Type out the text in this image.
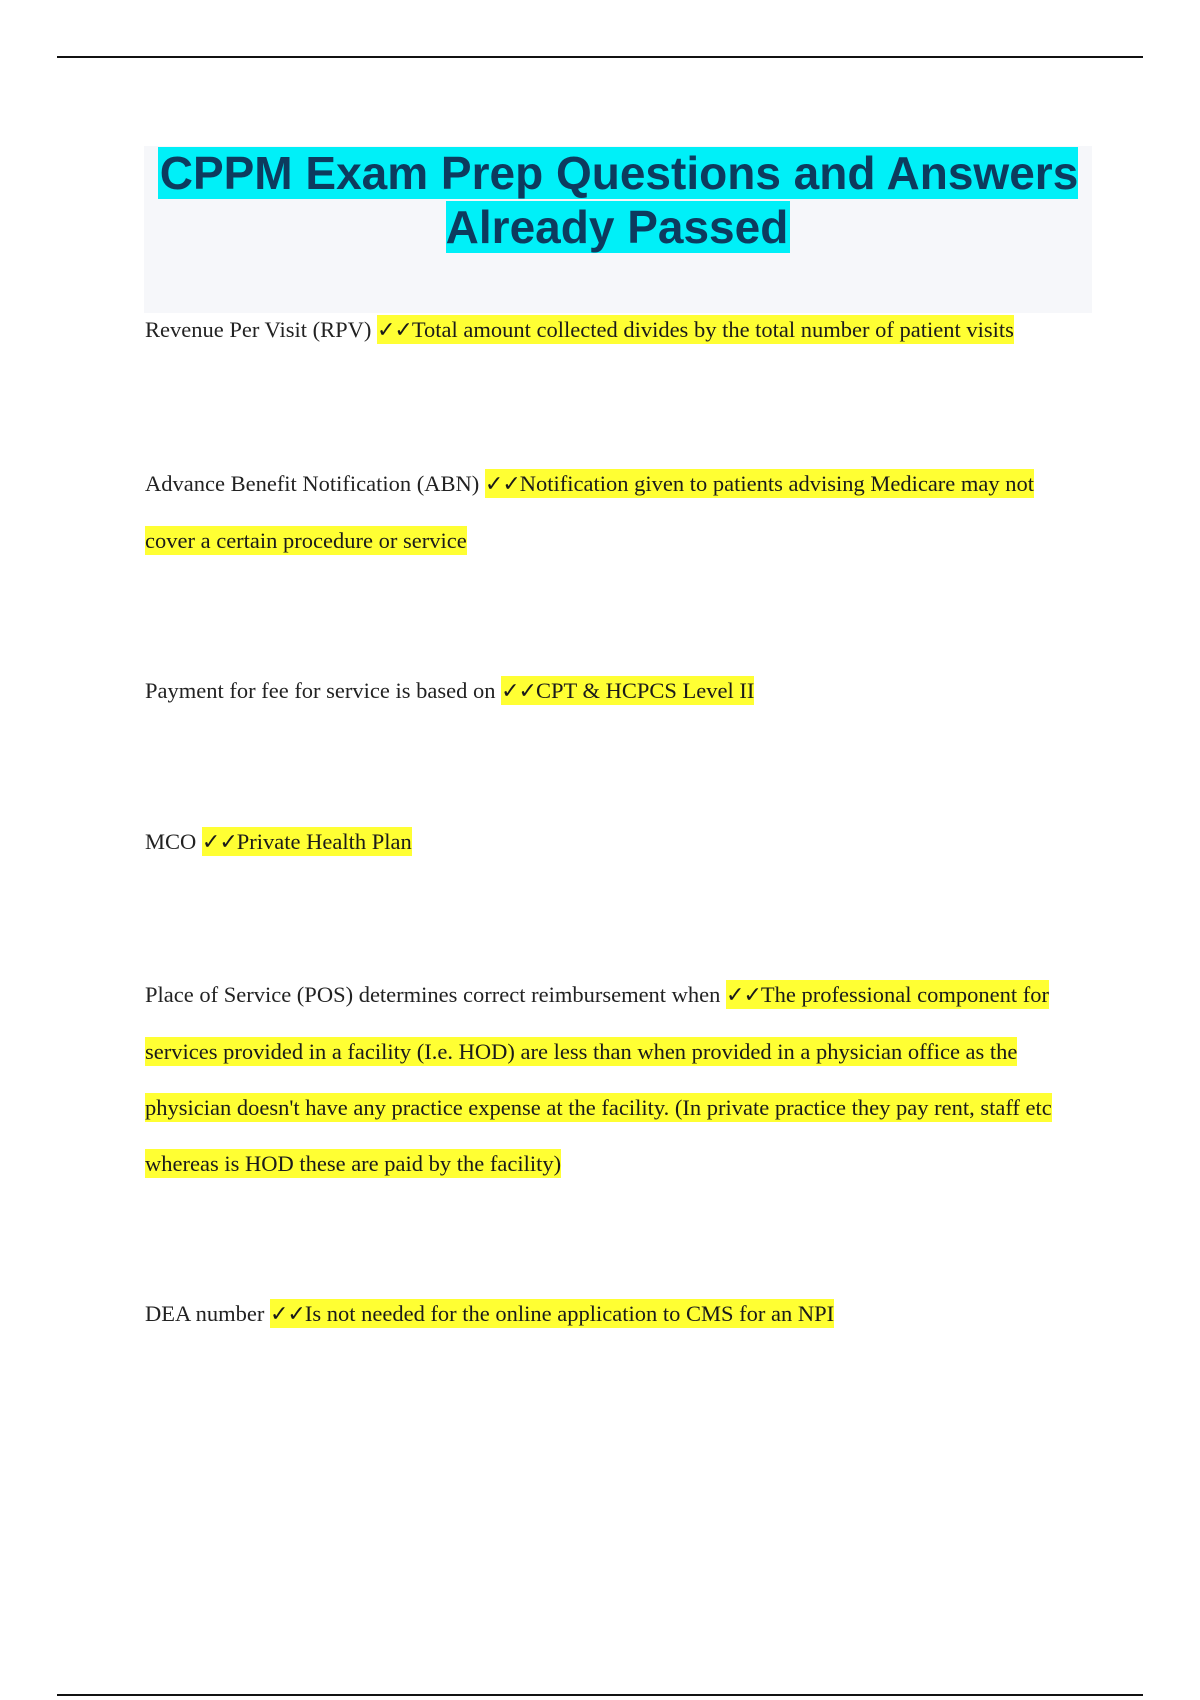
CPPM Exam Prep Questions and Answers Already Passed

Revenue Per Visit (RPV) ✓✓Total amount collected divides by the total number of patient visits

Advance Benefit Notification (ABN) ✓✓Notification given to patients advising Medicare may not cover a certain procedure or service

Payment for fee for service is based on ✓✓CPT & HCPCS Level II

MCO ✓✓Private Health Plan

Place of Service (POS) determines correct reimbursement when ✓✓The professional component for services provided in a facility (I.e. HOD) are less than when provided in a physician office as the physician doesn't have any practice expense at the facility. (In private practice they pay rent, staff etc whereas is HOD these are paid by the facility)

DEA number ✓✓Is not needed for the online application to CMS for an NPI
